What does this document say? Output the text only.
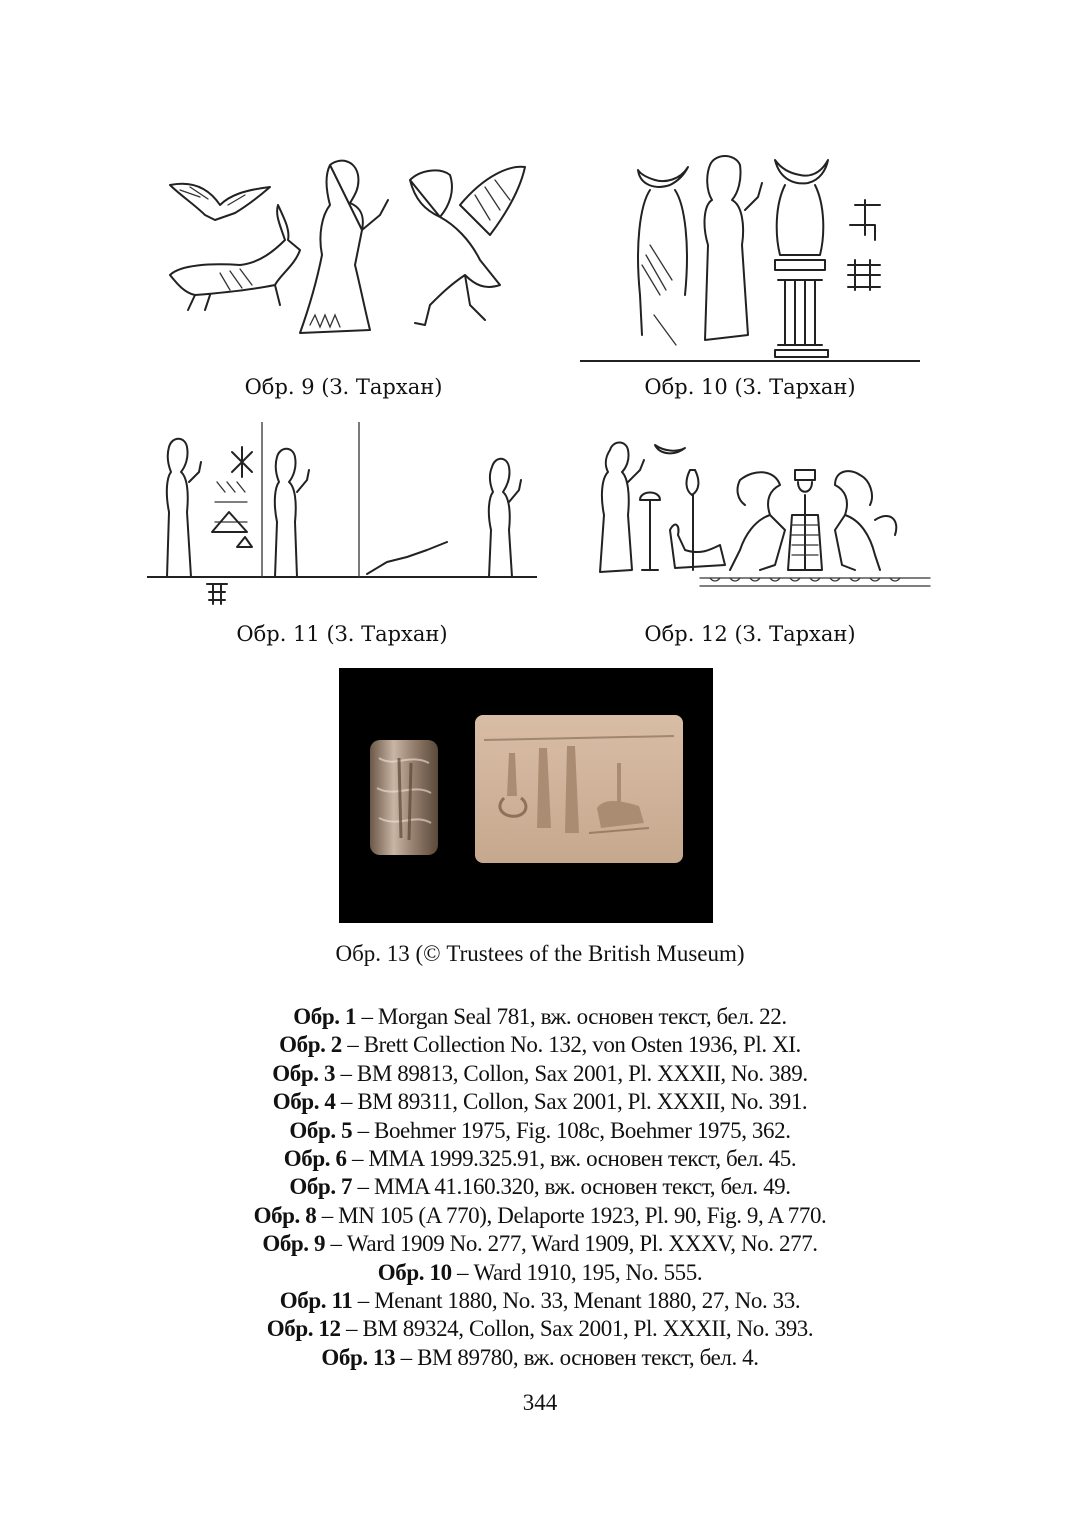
Обр. 9 (З. Тархан)	Обр. 10 (З. Тархан)
Обр. 11 (З. Тархан)	Обр. 12 (З. Тархан)
Обр. 13 (© Trustees of the British Museum)
Обр. 1 – Morgan Seal 781, вж. основен текст, бел. 22.
Обр. 2 – Brett Collection No. 132, von Osten 1936, Pl. XI.
Обр. 3 – BM 89813, Collon, Sax 2001, Pl. XXXII, No. 389.
Обр. 4 – BM 89311, Collon, Sax 2001, Pl. XXXII, No. 391.
Обр. 5 – Boehmer 1975, Fig. 108c, Boehmer 1975, 362.
Обр. 6 – MMA 1999.325.91, вж. основен текст, бел. 45.
Обр. 7 – MMA 41.160.320, вж. основен текст, бел. 49.
Обр. 8 – MN 105 (A 770), Delaporte 1923, Pl. 90, Fig. 9, A 770.
Обр. 9 – Ward 1909 No. 277, Ward 1909, Pl. XXXV, No. 277.
Обр. 10 – Ward 1910, 195, No. 555.
Обр. 11 – Menant 1880, No. 33, Menant 1880, 27, No. 33.
Обр. 12 – BM 89324, Collon, Sax 2001, Pl. XXXII, No. 393.
Обр. 13 – BM 89780, вж. основен текст, бел. 4.
344
